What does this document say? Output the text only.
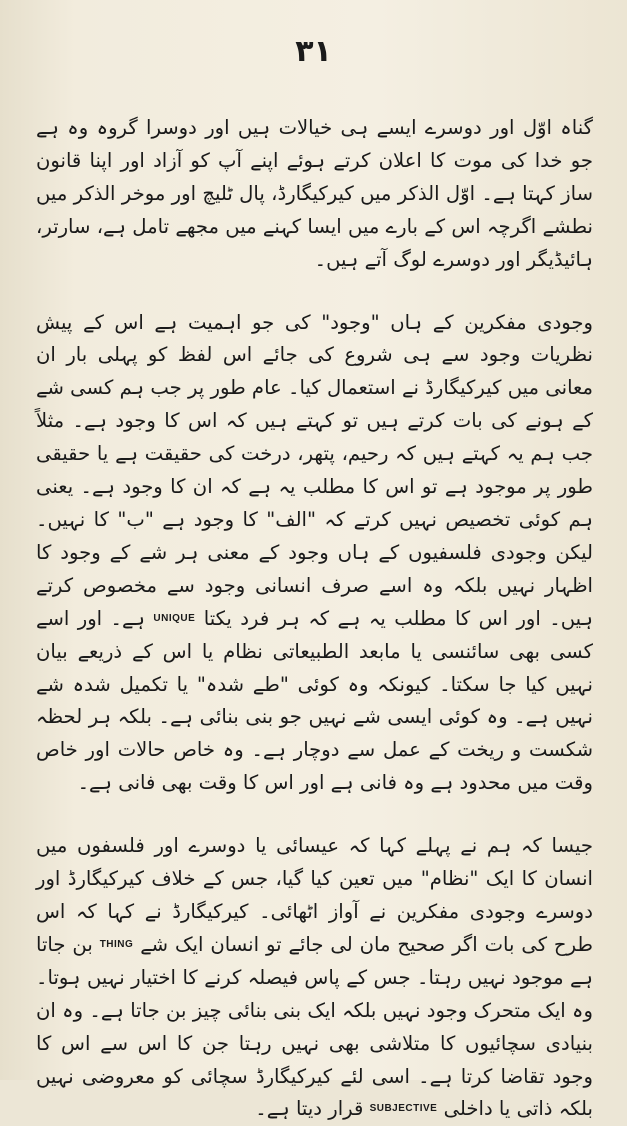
۳۱

گناہ اوّل اور دوسرے ایسے ہی خیالات ہیں اور دوسرا گروہ وہ ہے جو خدا کی موت کا اعلان کرتے ہوئے اپنے آپ کو آزاد اور اپنا قانون ساز کہتا ہے۔ اوّل الذکر میں کیرکیگارڈ، پال ٹلیچ اور موخر الذکر میں نطشے اگرچہ اس کے بارے میں ایسا کہنے میں مجھے تامل ہے، سارتر، ہائیڈیگر اور دوسرے لوگ آتے ہیں۔

وجودی مفکرین کے ہاں "وجود" کی جو اہمیت ہے اس کے پیش نظریات وجود سے ہی شروع کی جائے اس لفظ کو پہلی بار ان معانی میں کیرکیگارڈ نے استعمال کیا۔ عام طور پر جب ہم کسی شے کے ہونے کی بات کرتے ہیں تو کہتے ہیں کہ اس کا وجود ہے۔ مثلاً جب ہم یہ کہتے ہیں کہ رحیم، پتھر، درخت کی حقیقت ہے یا حقیقی طور پر موجود ہے تو اس کا مطلب یہ ہے کہ ان کا وجود ہے۔ یعنی ہم کوئی تخصیص نہیں کرتے کہ "الف" کا وجود ہے "ب" کا نہیں۔ لیکن وجودی فلسفیوں کے ہاں وجود کے معنی ہر شے کے وجود کا اظہار نہیں بلکہ وہ اسے صرف انسانی وجود سے مخصوص کرتے ہیں۔ اور اس کا مطلب یہ ہے کہ ہر فرد یکتا UNIQUE ہے۔ اور اسے کسی بھی سائنسی یا مابعد الطبیعاتی نظام یا اس کے ذریعے بیان نہیں کیا جا سکتا۔ کیونکہ وہ کوئی "طے شدہ" یا تکمیل شدہ شے نہیں ہے۔ وہ کوئی ایسی شے نہیں جو بنی بنائی ہے۔ بلکہ ہر لحظہ شکست و ریخت کے عمل سے دوچار ہے۔ وہ خاص حالات اور خاص وقت میں محدود ہے وہ فانی ہے اور اس کا وقت بھی فانی ہے۔

جیسا کہ ہم نے پہلے کہا کہ عیسائی یا دوسرے اور فلسفوں میں انسان کا ایک "نظام" میں تعین کیا گیا، جس کے خلاف کیرکیگارڈ اور دوسرے وجودی مفکرین نے آواز اٹھائی۔ کیرکیگارڈ نے کہا کہ اس طرح کی بات اگر صحیح مان لی جائے تو انسان ایک شے THING بن جاتا ہے موجود نہیں رہتا۔ جس کے پاس فیصلہ کرنے کا اختیار نہیں ہوتا۔ وہ ایک متحرک وجود نہیں بلکہ ایک بنی بنائی چیز بن جاتا ہے۔ وہ ان بنیادی سچائیوں کا متلاشی بھی نہیں رہتا جن کا اس سے اس کا وجود تقاضا کرتا ہے۔ اسی لئے کیرکیگارڈ سچائی کو معروضی نہیں بلکہ ذاتی یا داخلی SUBJECTIVE قرار دیتا ہے۔
